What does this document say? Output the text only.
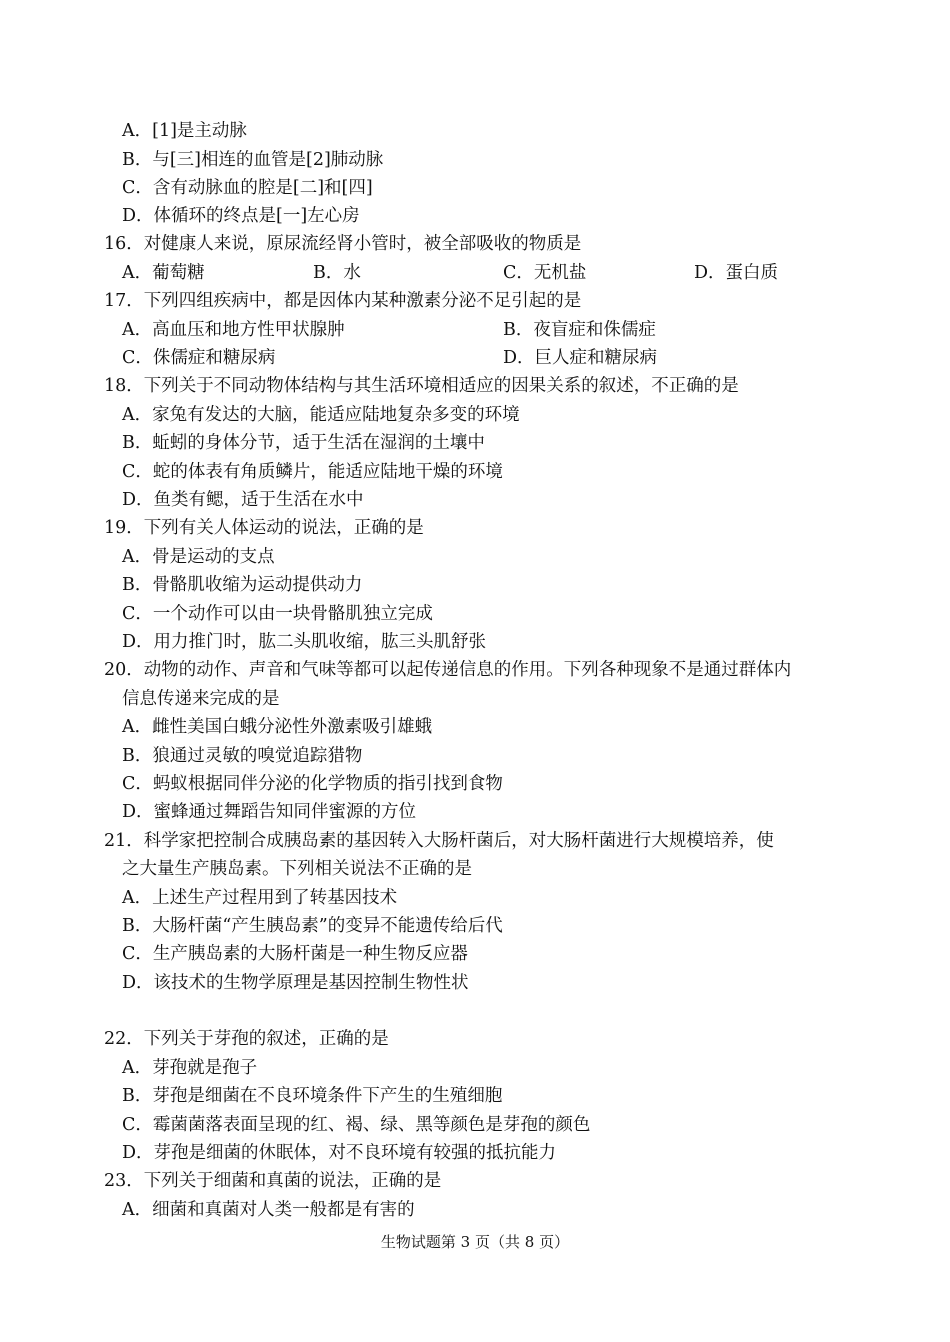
A．[1]是主动脉
B．与[三]相连的血管是[2]肺动脉
C．含有动脉血的腔是[二]和[四]
D．体循环的终点是[一]左心房
16．对健康人来说，原尿流经肾小管时，被全部吸收的物质是
A．葡萄糖	B．水	C．无机盐	D．蛋白质
17．下列四组疾病中，都是因体内某种激素分泌不足引起的是
A．高血压和地方性甲状腺肿	B．夜盲症和侏儒症
C．侏儒症和糖尿病	D．巨人症和糖尿病
18．下列关于不同动物体结构与其生活环境相适应的因果关系的叙述，不正确的是
A．家兔有发达的大脑，能适应陆地复杂多变的环境
B．蚯蚓的身体分节，适于生活在湿润的土壤中
C．蛇的体表有角质鳞片，能适应陆地干燥的环境
D．鱼类有鳃，适于生活在水中
19．下列有关人体运动的说法，正确的是
A．骨是运动的支点
B．骨骼肌收缩为运动提供动力
C．一个动作可以由一块骨骼肌独立完成
D．用力推门时，肱二头肌收缩，肱三头肌舒张
20．动物的动作、声音和气味等都可以起传递信息的作用。下列各种现象不是通过群体内
信息传递来完成的是
A．雌性美国白蛾分泌性外激素吸引雄蛾
B．狼通过灵敏的嗅觉追踪猎物
C．蚂蚁根据同伴分泌的化学物质的指引找到食物
D．蜜蜂通过舞蹈告知同伴蜜源的方位
21．科学家把控制合成胰岛素的基因转入大肠杆菌后，对大肠杆菌进行大规模培养，使
之大量生产胰岛素。下列相关说法不正确的是
A．上述生产过程用到了转基因技术
B．大肠杆菌“产生胰岛素”的变异不能遗传给后代
C．生产胰岛素的大肠杆菌是一种生物反应器
D．该技术的生物学原理是基因控制生物性状
22．下列关于芽孢的叙述，正确的是
A．芽孢就是孢子
B．芽孢是细菌在不良环境条件下产生的生殖细胞
C．霉菌菌落表面呈现的红、褐、绿、黑等颜色是芽孢的颜色
D．芽孢是细菌的休眠体，对不良环境有较强的抵抗能力
23．下列关于细菌和真菌的说法，正确的是
A．细菌和真菌对人类一般都是有害的
生物试题第 3 页（共 8 页）
